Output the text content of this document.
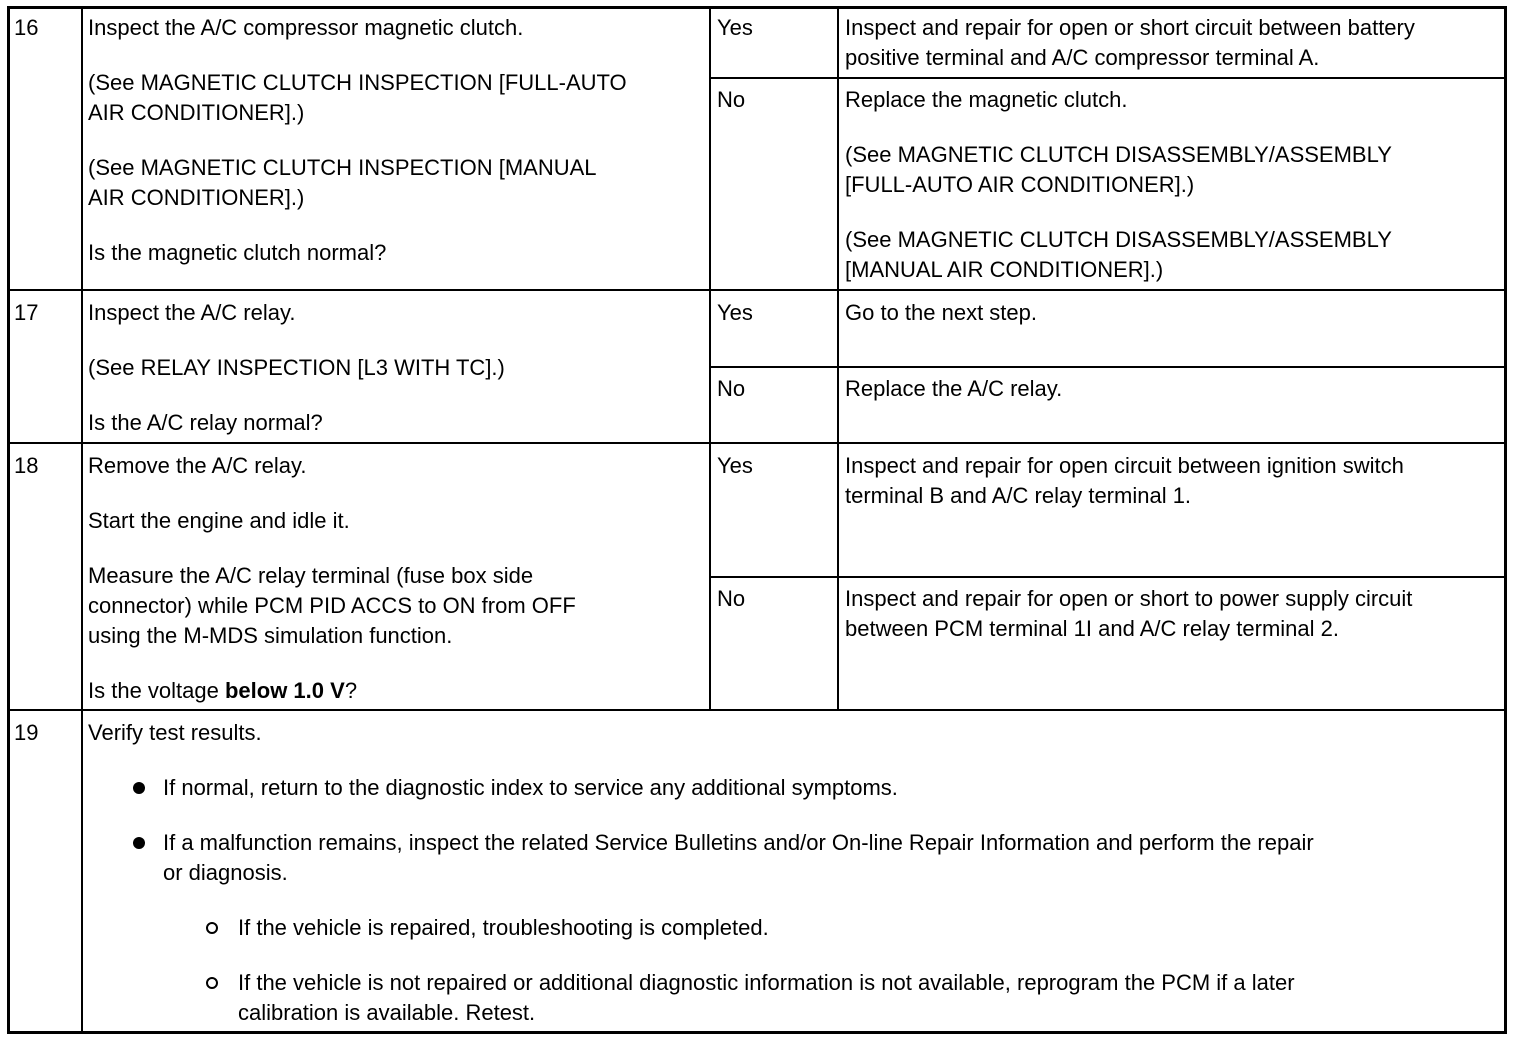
16 Inspect the A/C compressor magnetic clutch.
(See MAGNETIC CLUTCH INSPECTION [FULL-AUTO
AIR CONDITIONER].)
(See MAGNETIC CLUTCH INSPECTION [MANUAL
AIR CONDITIONER].)
Is the magnetic clutch normal?
Yes	Inspect and repair for open or short circuit between battery
positive terminal and A/C compressor terminal A.
No	Replace the magnetic clutch.
(See MAGNETIC CLUTCH DISASSEMBLY/ASSEMBLY
[FULL-AUTO AIR CONDITIONER].)
(See MAGNETIC CLUTCH DISASSEMBLY/ASSEMBLY
[MANUAL AIR CONDITIONER].)
17 Inspect the A/C relay.
(See RELAY INSPECTION [L3 WITH TC].)
Is the A/C relay normal?
Yes	Go to the next step.
No	Replace the A/C relay.
18 Remove the A/C relay.
Start the engine and idle it.
Measure the A/C relay terminal (fuse box side
connector) while PCM PID ACCS to ON from OFF
using the M-MDS simulation function.
Is the voltage below 1.0 V?
Yes	Inspect and repair for open circuit between ignition switch
terminal B and A/C relay terminal 1.
No	Inspect and repair for open or short to power supply circuit
between PCM terminal 1I and A/C relay terminal 2.
19 Verify test results.
If normal, return to the diagnostic index to service any additional symptoms.
If a malfunction remains, inspect the related Service Bulletins and/or On-line Repair Information and perform the repair
or diagnosis.
If the vehicle is repaired, troubleshooting is completed.
If the vehicle is not repaired or additional diagnostic information is not available, reprogram the PCM if a later
calibration is available. Retest.
